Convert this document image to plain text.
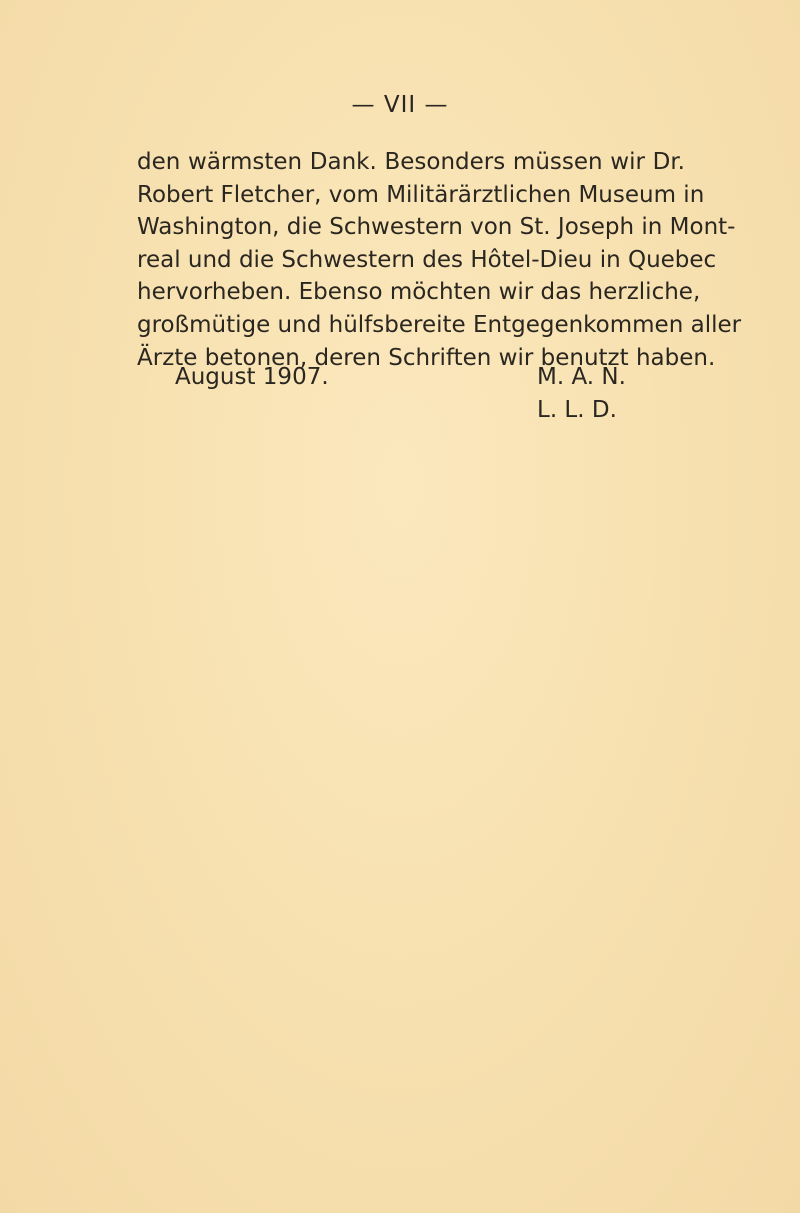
— VII —

den wärmsten Dank. Besonders müssen wir Dr.
Robert Fletcher, vom Militärärztlichen Museum in
Washington, die Schwestern von St. Joseph in Mont-
real und die Schwestern des Hôtel-Dieu in Quebec
hervorheben. Ebenso möchten wir das herzliche,
großmütige und hülfsbereite Entgegenkommen aller
Ärzte betonen, deren Schriften wir benutzt haben.

August 1907.	M. A. N.
L. L. D.
